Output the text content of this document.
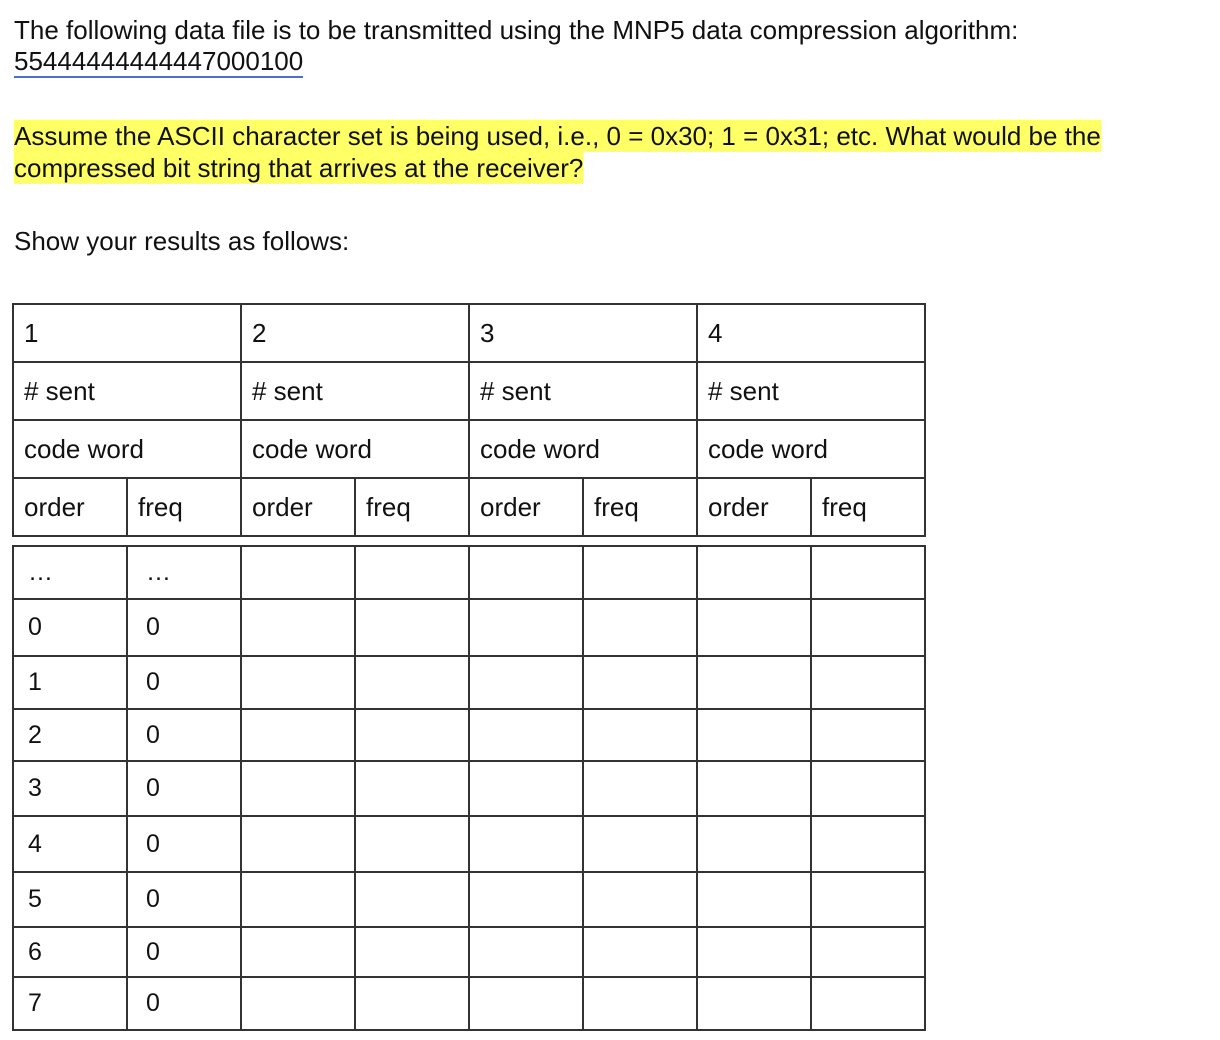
The following data file is to be transmitted using the MNP5 data compression algorithm:
55444444444447000100
Assume the ASCII character set is being used, i.e., 0 = 0x30; 1 = 0x31; etc. What would be the
compressed bit string that arrives at the receiver?
Show your results as follows:
1		2		3		4	
# sent		# sent		# sent		# sent	
code word		code word		code word		code word	
order	freq	order	freq	order	freq	order	freq
…	…						
0	0						
1	0						
2	0						
3	0						
4	0						
5	0						
6	0						
7	0						
